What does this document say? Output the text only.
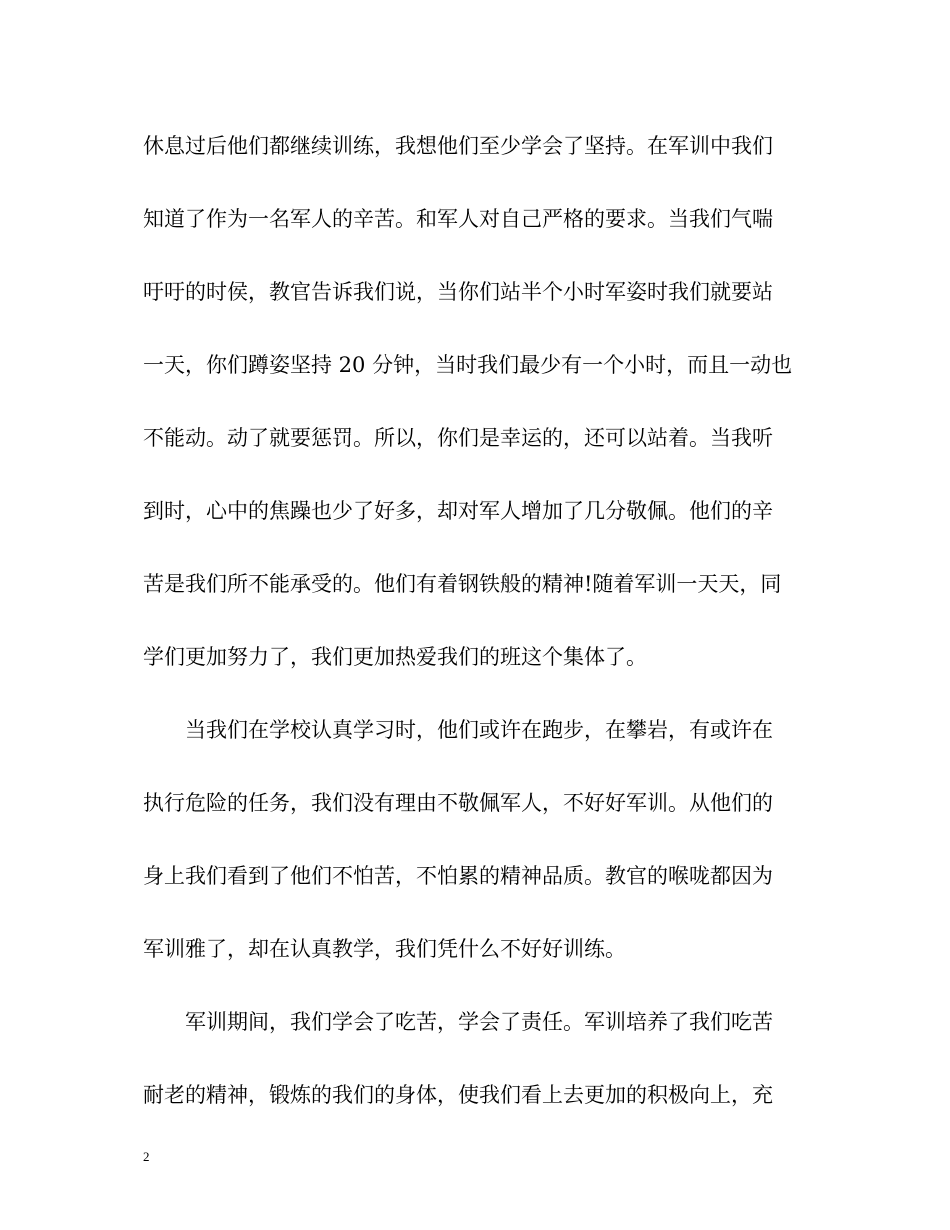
休息过后他们都继续训练，我想他们至少学会了坚持。在军训中我们
知道了作为一名军人的辛苦。和军人对自己严格的要求。当我们气喘
吁吁的时侯，教官告诉我们说，当你们站半个小时军姿时我们就要站
一天，你们蹲姿坚持 20 分钟，当时我们最少有一个小时，而且一动也
不能动。动了就要惩罚。所以，你们是幸运的，还可以站着。当我听
到时，心中的焦躁也少了好多，却对军人增加了几分敬佩。他们的辛
苦是我们所不能承受的。他们有着钢铁般的精神!随着军训一天天，同
学们更加努力了，我们更加热爱我们的班这个集体了。
当我们在学校认真学习时，他们或许在跑步，在攀岩，有或许在
执行危险的任务，我们没有理由不敬佩军人，不好好军训。从他们的
身上我们看到了他们不怕苦，不怕累的精神品质。教官的喉咙都因为
军训雅了，却在认真教学，我们凭什么不好好训练。
军训期间，我们学会了吃苦，学会了责任。军训培养了我们吃苦
耐老的精神，锻炼的我们的身体，使我们看上去更加的积极向上，充
2
